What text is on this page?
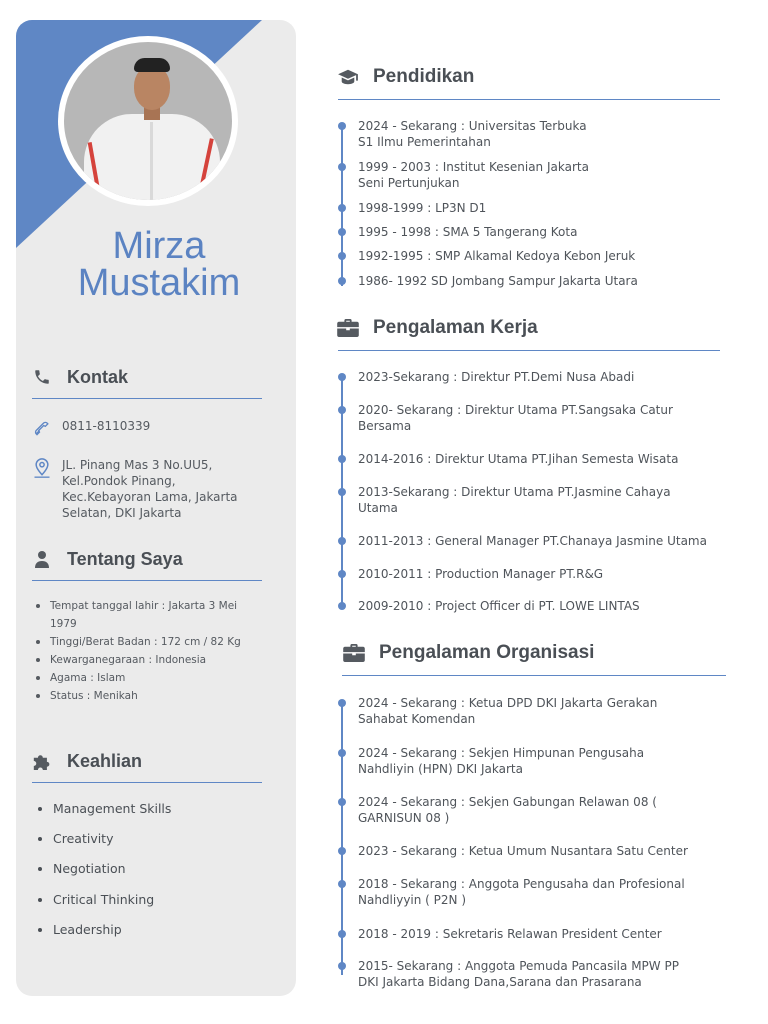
Mirza
Mustakim
Kontak
0811-8110339
JL. Pinang Mas 3 No.UU5,
Kel.Pondok Pinang,
Kec.Kebayoran Lama, Jakarta
Selatan, DKI Jakarta
Tentang Saya
Tempat tanggal lahir : Jakarta 3 Mei
1979
Tinggi/Berat Badan : 172 cm / 82 Kg
Kewarganegaraan : Indonesia
Agama : Islam
Status : Menikah
Keahlian
Management Skills
Creativity
Negotiation
Critical Thinking
Leadership
Pendidikan
2024 - Sekarang : Universitas Terbuka
S1 Ilmu Pemerintahan
1999 - 2003 : Institut Kesenian Jakarta
Seni Pertunjukan
1998-1999 : LP3N D1
1995 - 1998 : SMA 5 Tangerang Kota
1992-1995 : SMP Alkamal Kedoya Kebon Jeruk
1986- 1992 SD Jombang Sampur Jakarta Utara
Pengalaman Kerja
2023-Sekarang : Direktur PT.Demi Nusa Abadi
2020- Sekarang : Direktur Utama PT.Sangsaka Catur
Bersama
2014-2016 : Direktur Utama PT.Jihan Semesta Wisata
2013-Sekarang : Direktur Utama PT.Jasmine Cahaya
Utama
2011-2013 : General Manager PT.Chanaya Jasmine Utama
2010-2011 : Production Manager PT.R&G
2009-2010 : Project Officer di PT. LOWE LINTAS
Pengalaman Organisasi
2024 - Sekarang : Ketua DPD DKI Jakarta Gerakan
Sahabat Komendan
2024 - Sekarang : Sekjen Himpunan Pengusaha
Nahdliyin (HPN) DKI Jakarta
2024 - Sekarang : Sekjen Gabungan Relawan 08 (
GARNISUN 08 )
2023 - Sekarang : Ketua Umum Nusantara Satu Center
2018 - Sekarang : Anggota Pengusaha dan Profesional
Nahdliyyin ( P2N )
2018 - 2019 : Sekretaris Relawan President Center
2015- Sekarang : Anggota Pemuda Pancasila MPW PP
DKI Jakarta Bidang Dana,Sarana dan Prasarana
